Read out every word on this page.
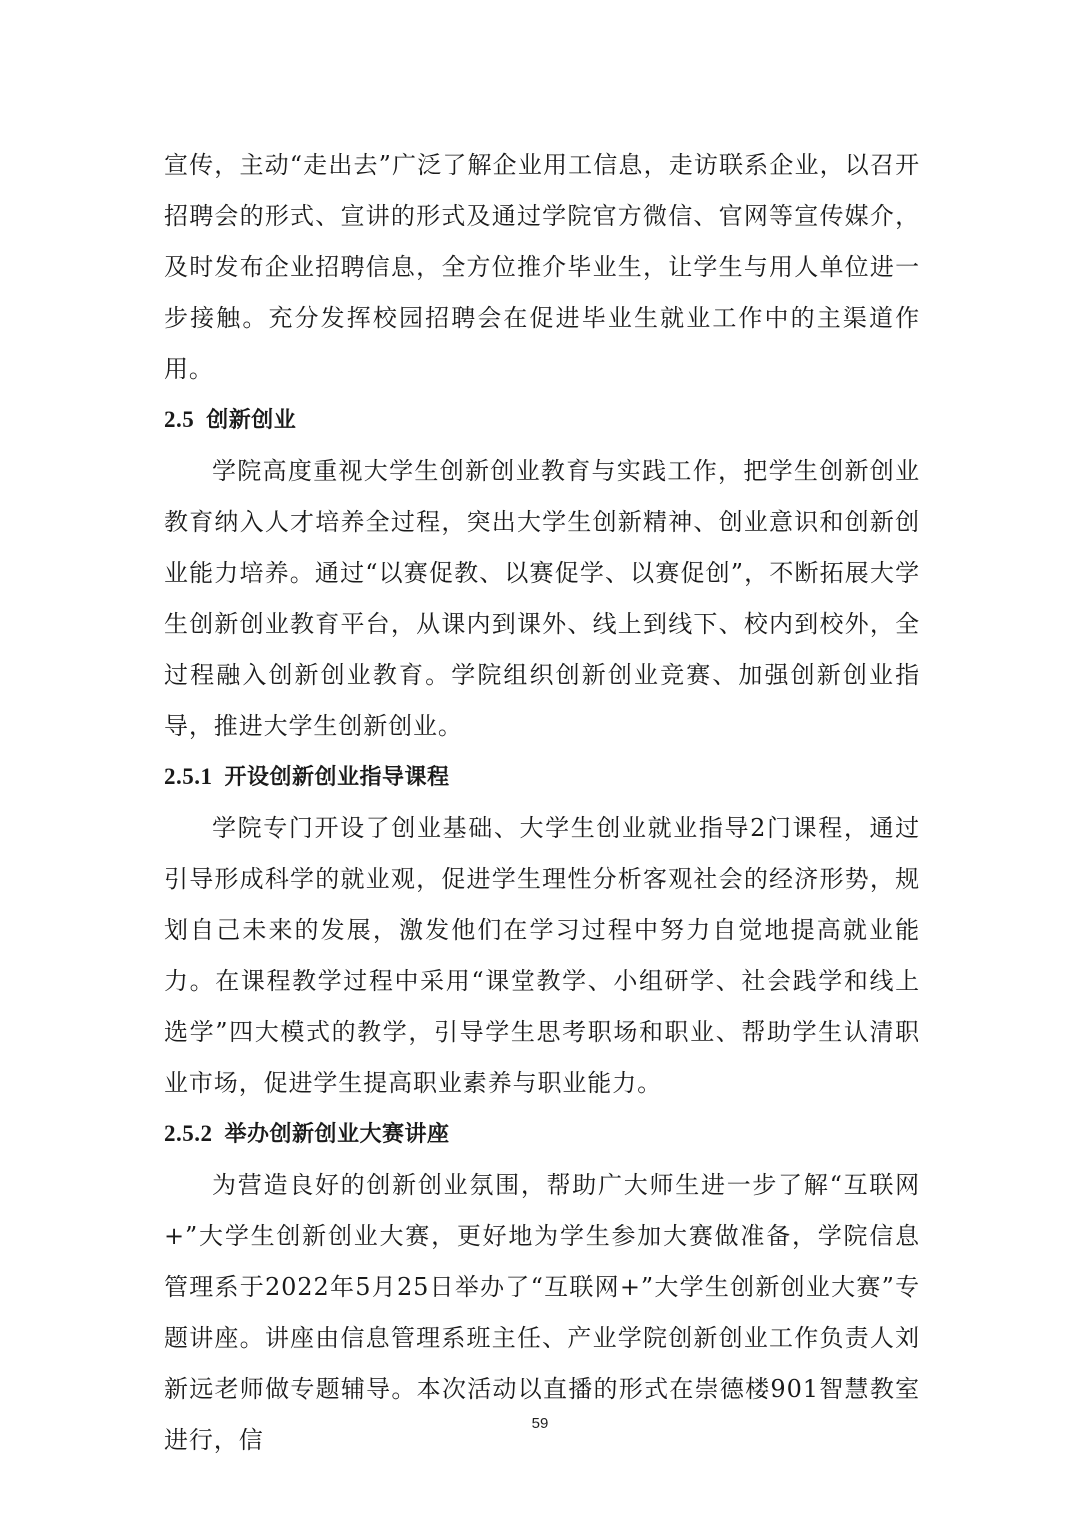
宣传，主动“走出去”广泛了解企业用工信息，走访联系企业，以召开招聘会的形式、宣讲的形式及通过学院官方微信、官网等宣传媒介，及时发布企业招聘信息，全方位推介毕业生，让学生与用人单位进一步接触。充分发挥校园招聘会在促进毕业生就业工作中的主渠道作用。

2.5 创新创业

学院高度重视大学生创新创业教育与实践工作，把学生创新创业教育纳入人才培养全过程，突出大学生创新精神、创业意识和创新创业能力培养。通过“以赛促教、以赛促学、以赛促创”，不断拓展大学生创新创业教育平台，从课内到课外、线上到线下、校内到校外，全过程融入创新创业教育。学院组织创新创业竞赛、加强创新创业指导，推进大学生创新创业。

2.5.1 开设创新创业指导课程

学院专门开设了创业基础、大学生创业就业指导2门课程，通过引导形成科学的就业观，促进学生理性分析客观社会的经济形势，规划自己未来的发展，激发他们在学习过程中努力自觉地提高就业能力。在课程教学过程中采用“课堂教学、小组研学、社会践学和线上选学”四大模式的教学，引导学生思考职场和职业、帮助学生认清职业市场，促进学生提高职业素养与职业能力。

2.5.2 举办创新创业大赛讲座

为营造良好的创新创业氛围，帮助广大师生进一步了解“互联网+”大学生创新创业大赛，更好地为学生参加大赛做准备，学院信息管理系于2022年5月25日举办了“互联网+”大学生创新创业大赛”专题讲座。讲座由信息管理系班主任、产业学院创新创业工作负责人刘新远老师做专题辅导。本次活动以直播的形式在崇德楼901智慧教室进行，信

59
